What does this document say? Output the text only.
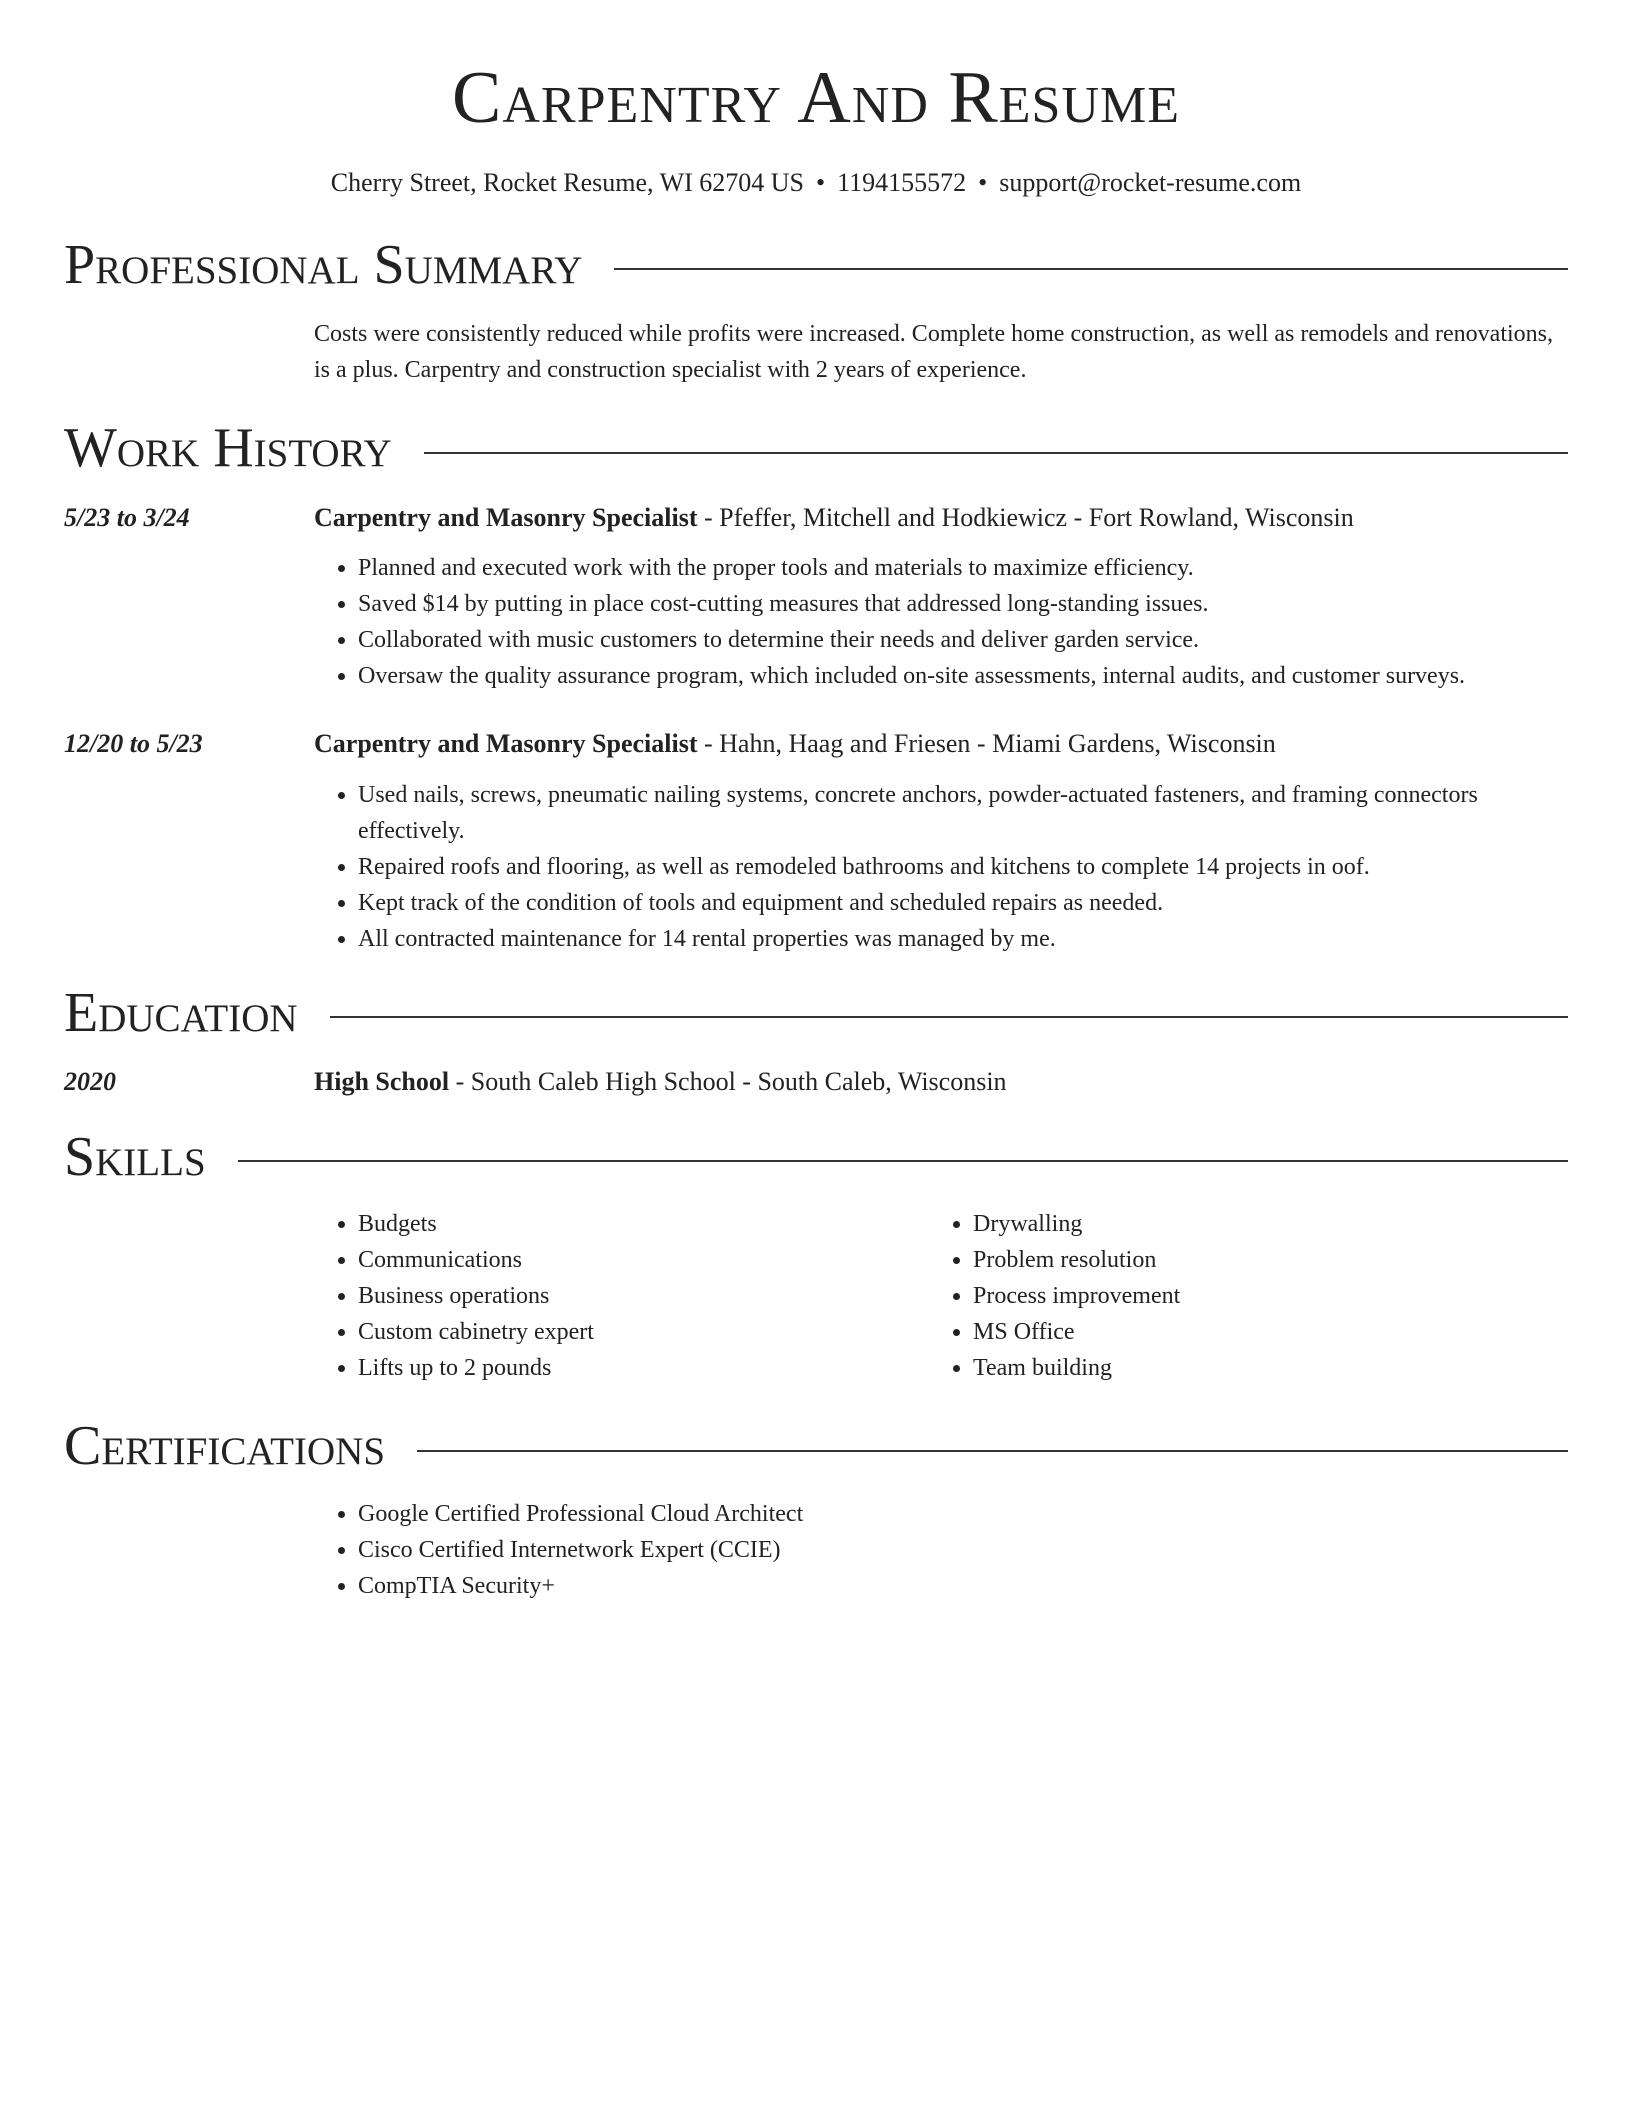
Carpentry And Resume
Cherry Street, Rocket Resume, WI 62704 US • 1194155572 • support@rocket-resume.com
Professional Summary
Costs were consistently reduced while profits were increased. Complete home construction, as well as remodels and renovations, is a plus. Carpentry and construction specialist with 2 years of experience.
Work History
5/23 to 3/24	Carpentry and Masonry Specialist - Pfeffer, Mitchell and Hodkiewicz - Fort Rowland, Wisconsin
• Planned and executed work with the proper tools and materials to maximize efficiency.
• Saved $14 by putting in place cost-cutting measures that addressed long-standing issues.
• Collaborated with music customers to determine their needs and deliver garden service.
• Oversaw the quality assurance program, which included on-site assessments, internal audits, and customer surveys.
12/20 to 5/23	Carpentry and Masonry Specialist - Hahn, Haag and Friesen - Miami Gardens, Wisconsin
• Used nails, screws, pneumatic nailing systems, concrete anchors, powder-actuated fasteners, and framing connectors effectively.
• Repaired roofs and flooring, as well as remodeled bathrooms and kitchens to complete 14 projects in oof.
• Kept track of the condition of tools and equipment and scheduled repairs as needed.
• All contracted maintenance for 14 rental properties was managed by me.
Education
2020	High School - South Caleb High School - South Caleb, Wisconsin
Skills
• Budgets
• Communications
• Business operations
• Custom cabinetry expert
• Lifts up to 2 pounds
• Drywalling
• Problem resolution
• Process improvement
• MS Office
• Team building
Certifications
• Google Certified Professional Cloud Architect
• Cisco Certified Internetwork Expert (CCIE)
• CompTIA Security+
